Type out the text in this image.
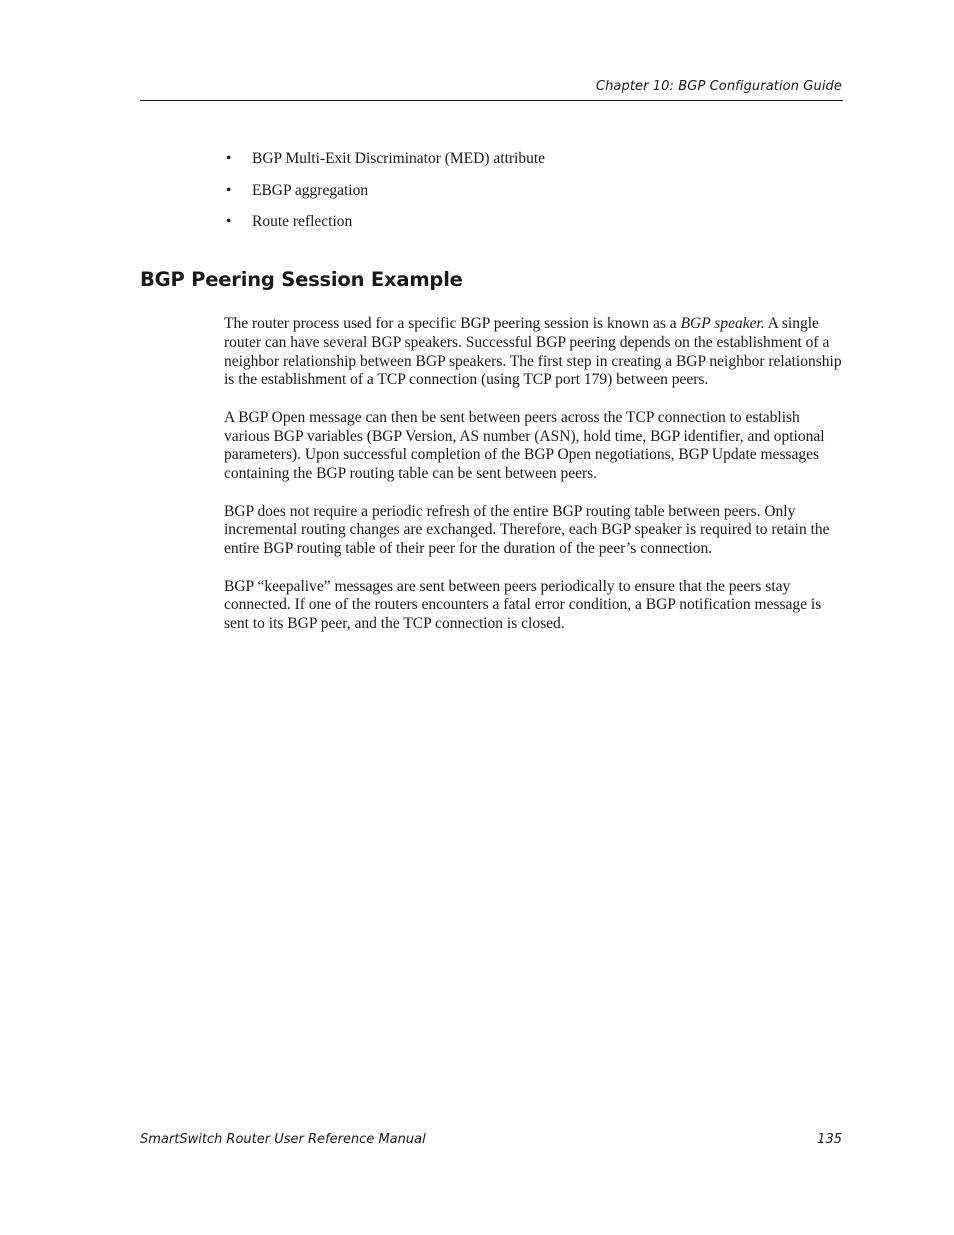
Chapter 10: BGP Configuration Guide
• BGP Multi-Exit Discriminator (MED) attribute
• EBGP aggregation
• Route reflection
BGP Peering Session Example

The router process used for a specific BGP peering session is known as a BGP speaker. A single router can have several BGP speakers. Successful BGP peering depends on the establishment of a neighbor relationship between BGP speakers. The first step in creating a BGP neighbor relationship is the establishment of a TCP connection (using TCP port 179) between peers.

A BGP Open message can then be sent between peers across the TCP connection to establish various BGP variables (BGP Version, AS number (ASN), hold time, BGP identifier, and optional parameters). Upon successful completion of the BGP Open negotiations, BGP Update messages containing the BGP routing table can be sent between peers.

BGP does not require a periodic refresh of the entire BGP routing table between peers. Only incremental routing changes are exchanged. Therefore, each BGP speaker is required to retain the entire BGP routing table of their peer for the duration of the peer’s connection.

BGP “keepalive” messages are sent between peers periodically to ensure that the peers stay connected. If one of the routers encounters a fatal error condition, a BGP notification message is sent to its BGP peer, and the TCP connection is closed.

SmartSwitch Router User Reference Manual	135
